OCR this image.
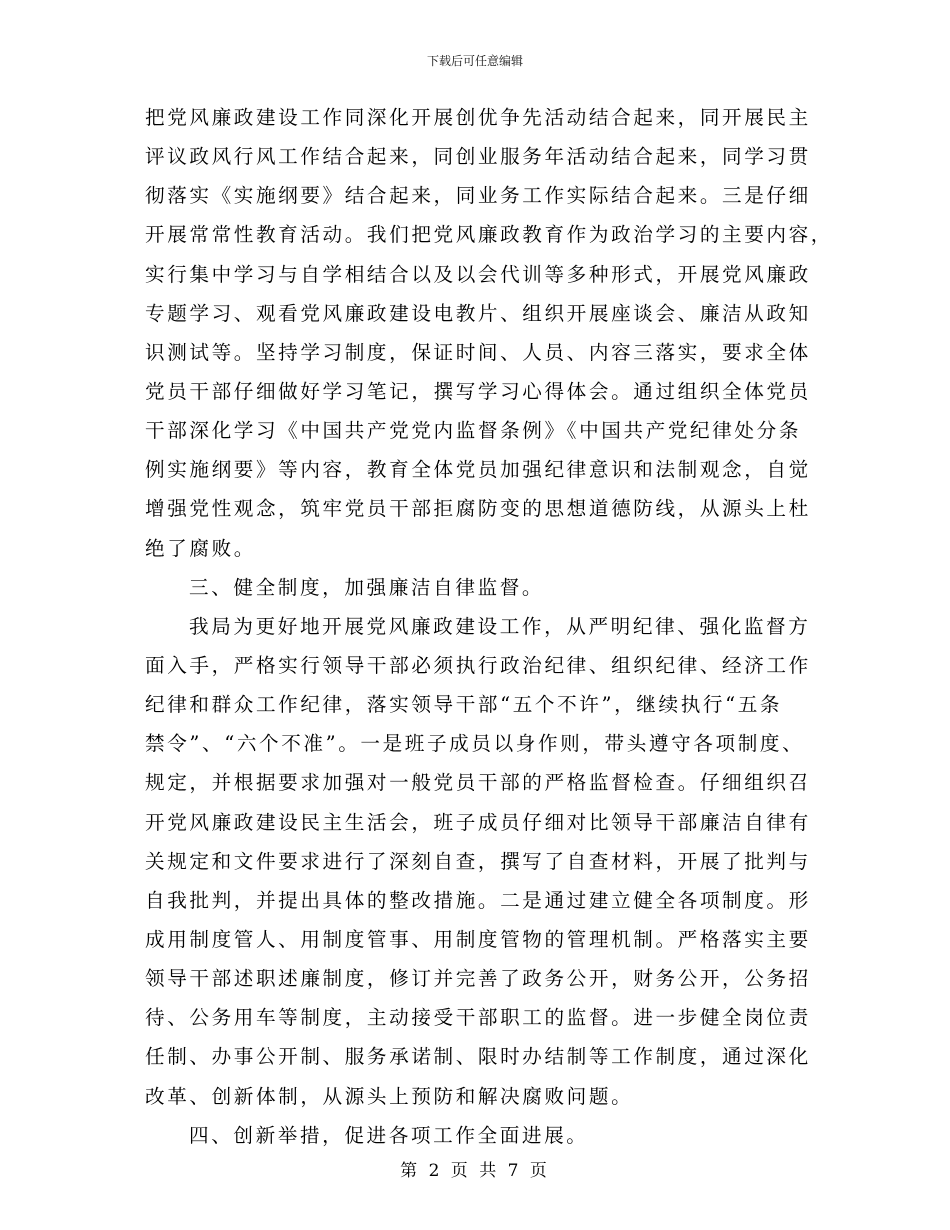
下载后可任意编辑
把党风廉政建设工作同深化开展创优争先活动结合起来，同开展民主
评议政风行风工作结合起来，同创业服务年活动结合起来，同学习贯
彻落实《实施纲要》结合起来，同业务工作实际结合起来。三是仔细
开展常常性教育活动。我们把党风廉政教育作为政治学习的主要内容，
实行集中学习与自学相结合以及以会代训等多种形式，开展党风廉政
专题学习、观看党风廉政建设电教片、组织开展座谈会、廉洁从政知
识测试等。坚持学习制度，保证时间、人员、内容三落实，要求全体
党员干部仔细做好学习笔记，撰写学习心得体会。通过组织全体党员
干部深化学习《中国共产党党内监督条例》《中国共产党纪律处分条
例实施纲要》等内容，教育全体党员加强纪律意识和法制观念，自觉
增强党性观念，筑牢党员干部拒腐防变的思想道德防线，从源头上杜
绝了腐败。
三、健全制度，加强廉洁自律监督。
我局为更好地开展党风廉政建设工作，从严明纪律、强化监督方
面入手，严格实行领导干部必须执行政治纪律、组织纪律、经济工作
纪律和群众工作纪律，落实领导干部“五个不许”，继续执行“五条
禁令”、“六个不准”。一是班子成员以身作则，带头遵守各项制度、
规定，并根据要求加强对一般党员干部的严格监督检查。仔细组织召
开党风廉政建设民主生活会，班子成员仔细对比领导干部廉洁自律有
关规定和文件要求进行了深刻自查，撰写了自查材料，开展了批判与
自我批判，并提出具体的整改措施。二是通过建立健全各项制度。形
成用制度管人、用制度管事、用制度管物的管理机制。严格落实主要
领导干部述职述廉制度，修订并完善了政务公开，财务公开，公务招
待、公务用车等制度，主动接受干部职工的监督。进一步健全岗位责
任制、办事公开制、服务承诺制、限时办结制等工作制度，通过深化
改革、创新体制，从源头上预防和解决腐败问题。
四、创新举措，促进各项工作全面进展。
第 2 页 共 7 页
